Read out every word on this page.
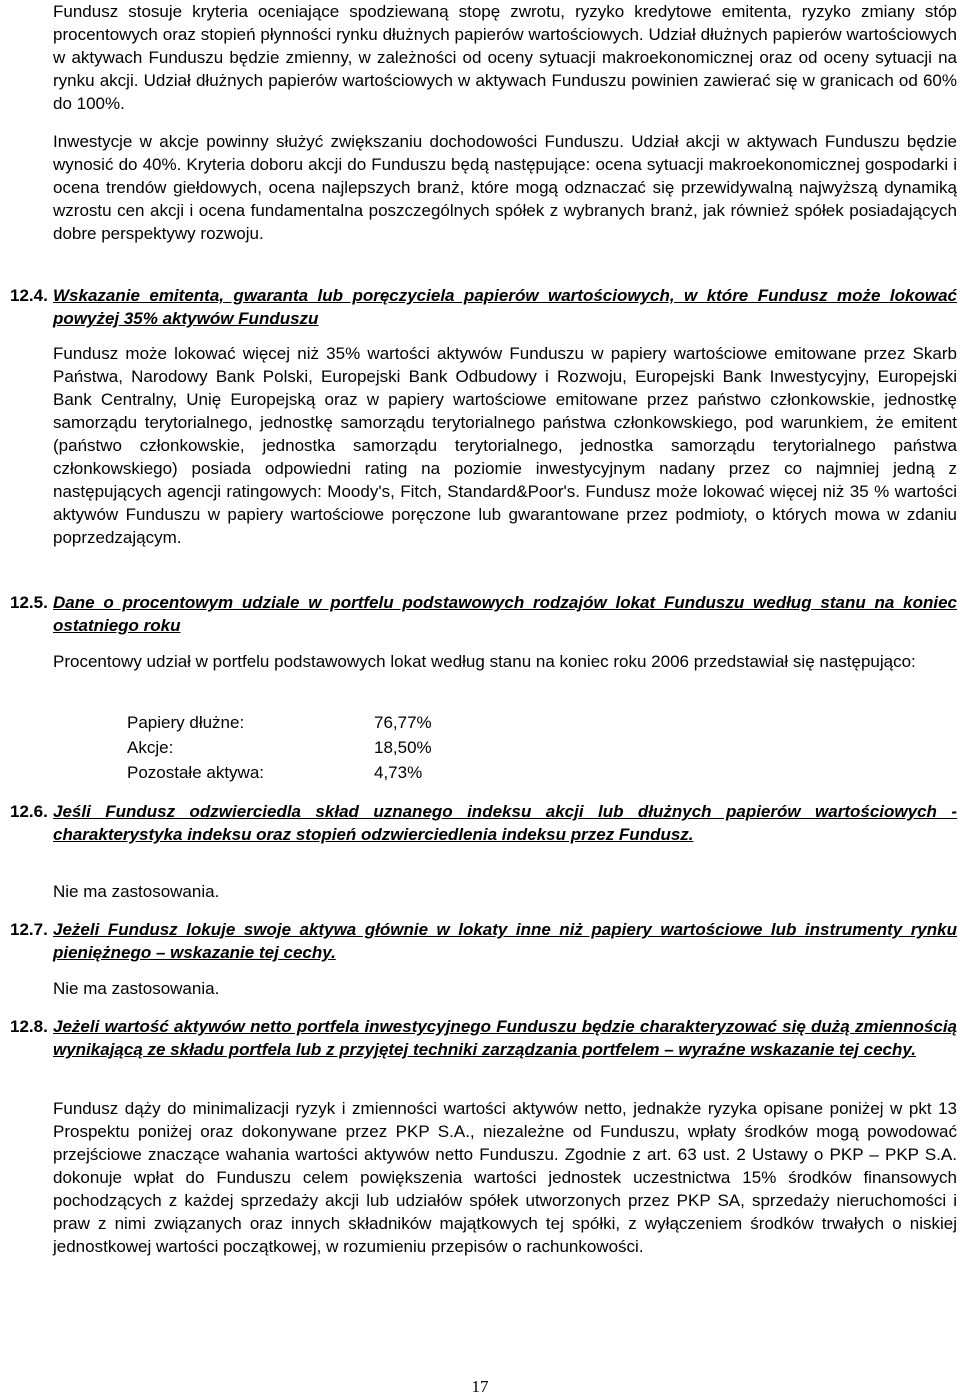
Fundusz stosuje kryteria oceniające spodziewaną stopę zwrotu, ryzyko kredytowe emitenta, ryzyko zmiany stóp procentowych oraz stopień płynności rynku dłużnych papierów wartościowych. Udział dłużnych papierów wartościowych w aktywach Funduszu będzie zmienny, w zależności od oceny sytuacji makroekonomicznej oraz od oceny sytuacji na rynku akcji. Udział dłużnych papierów wartościowych w aktywach Funduszu powinien zawierać się w granicach od 60% do 100%.

Inwestycje w akcje powinny służyć zwiększaniu dochodowości Funduszu. Udział akcji w aktywach Funduszu będzie wynosić do 40%. Kryteria doboru akcji do Funduszu będą następujące: ocena sytuacji makroekonomicznej gospodarki i ocena trendów giełdowych, ocena najlepszych branż, które mogą odznaczać się przewidywalną najwyższą dynamiką wzrostu cen akcji i ocena fundamentalna poszczególnych spółek z wybranych branż, jak również spółek posiadających dobre perspektywy rozwoju.

12.4. Wskazanie emitenta, gwaranta lub poręczyciela papierów wartościowych, w które Fundusz może lokować powyżej 35% aktywów Funduszu

Fundusz może lokować więcej niż 35% wartości aktywów Funduszu w papiery wartościowe emitowane przez Skarb Państwa, Narodowy Bank Polski, Europejski Bank Odbudowy i Rozwoju, Europejski Bank Inwestycyjny, Europejski Bank Centralny, Unię Europejską oraz w papiery wartościowe emitowane przez państwo członkowskie, jednostkę samorządu terytorialnego, jednostkę samorządu terytorialnego państwa członkowskiego, pod warunkiem, że emitent (państwo członkowskie, jednostka samorządu terytorialnego, jednostka samorządu terytorialnego państwa członkowskiego) posiada odpowiedni rating na poziomie inwestycyjnym nadany przez co najmniej jedną z następujących agencji ratingowych: Moody's, Fitch, Standard&Poor's. Fundusz może lokować więcej niż 35 % wartości aktywów Funduszu w papiery wartościowe poręczone lub gwarantowane przez podmioty, o których mowa w zdaniu poprzedzającym.

12.5. Dane o procentowym udziale w portfelu podstawowych rodzajów lokat Funduszu według stanu na koniec ostatniego roku

Procentowy udział w portfelu podstawowych lokat według stanu na koniec roku 2006 przedstawiał się następująco:

Papiery dłużne:	76,77%
Akcje:	18,50%
Pozostałe aktywa:	4,73%
12.6. Jeśli Fundusz odzwierciedla skład uznanego indeksu akcji lub dłużnych papierów wartościowych - charakterystyka indeksu oraz stopień odzwierciedlenia indeksu przez Fundusz.

Nie ma zastosowania.

12.7. Jeżeli Fundusz lokuje swoje aktywa głównie w lokaty inne niż papiery wartościowe lub instrumenty rynku pieniężnego – wskazanie tej cechy.

Nie ma zastosowania.

12.8. Jeżeli wartość aktywów netto portfela inwestycyjnego Funduszu będzie charakteryzować się dużą zmiennością wynikającą ze składu portfela lub z przyjętej techniki zarządzania portfelem – wyraźne wskazanie tej cechy.

Fundusz dąży do minimalizacji ryzyk i zmienności wartości aktywów netto, jednakże ryzyka opisane poniżej w pkt 13 Prospektu poniżej oraz dokonywane przez PKP S.A., niezależne od Funduszu, wpłaty środków mogą powodować przejściowe znaczące wahania wartości aktywów netto Funduszu. Zgodnie z art. 63 ust. 2 Ustawy o PKP – PKP S.A. dokonuje wpłat do Funduszu celem powiększenia wartości jednostek uczestnictwa 15% środków finansowych pochodzących z każdej sprzedaży akcji lub udziałów spółek utworzonych przez PKP SA, sprzedaży nieruchomości i praw z nimi związanych oraz innych składników majątkowych tej spółki, z wyłączeniem środków trwałych o niskiej jednostkowej wartości początkowej, w rozumieniu przepisów o rachunkowości.

17
